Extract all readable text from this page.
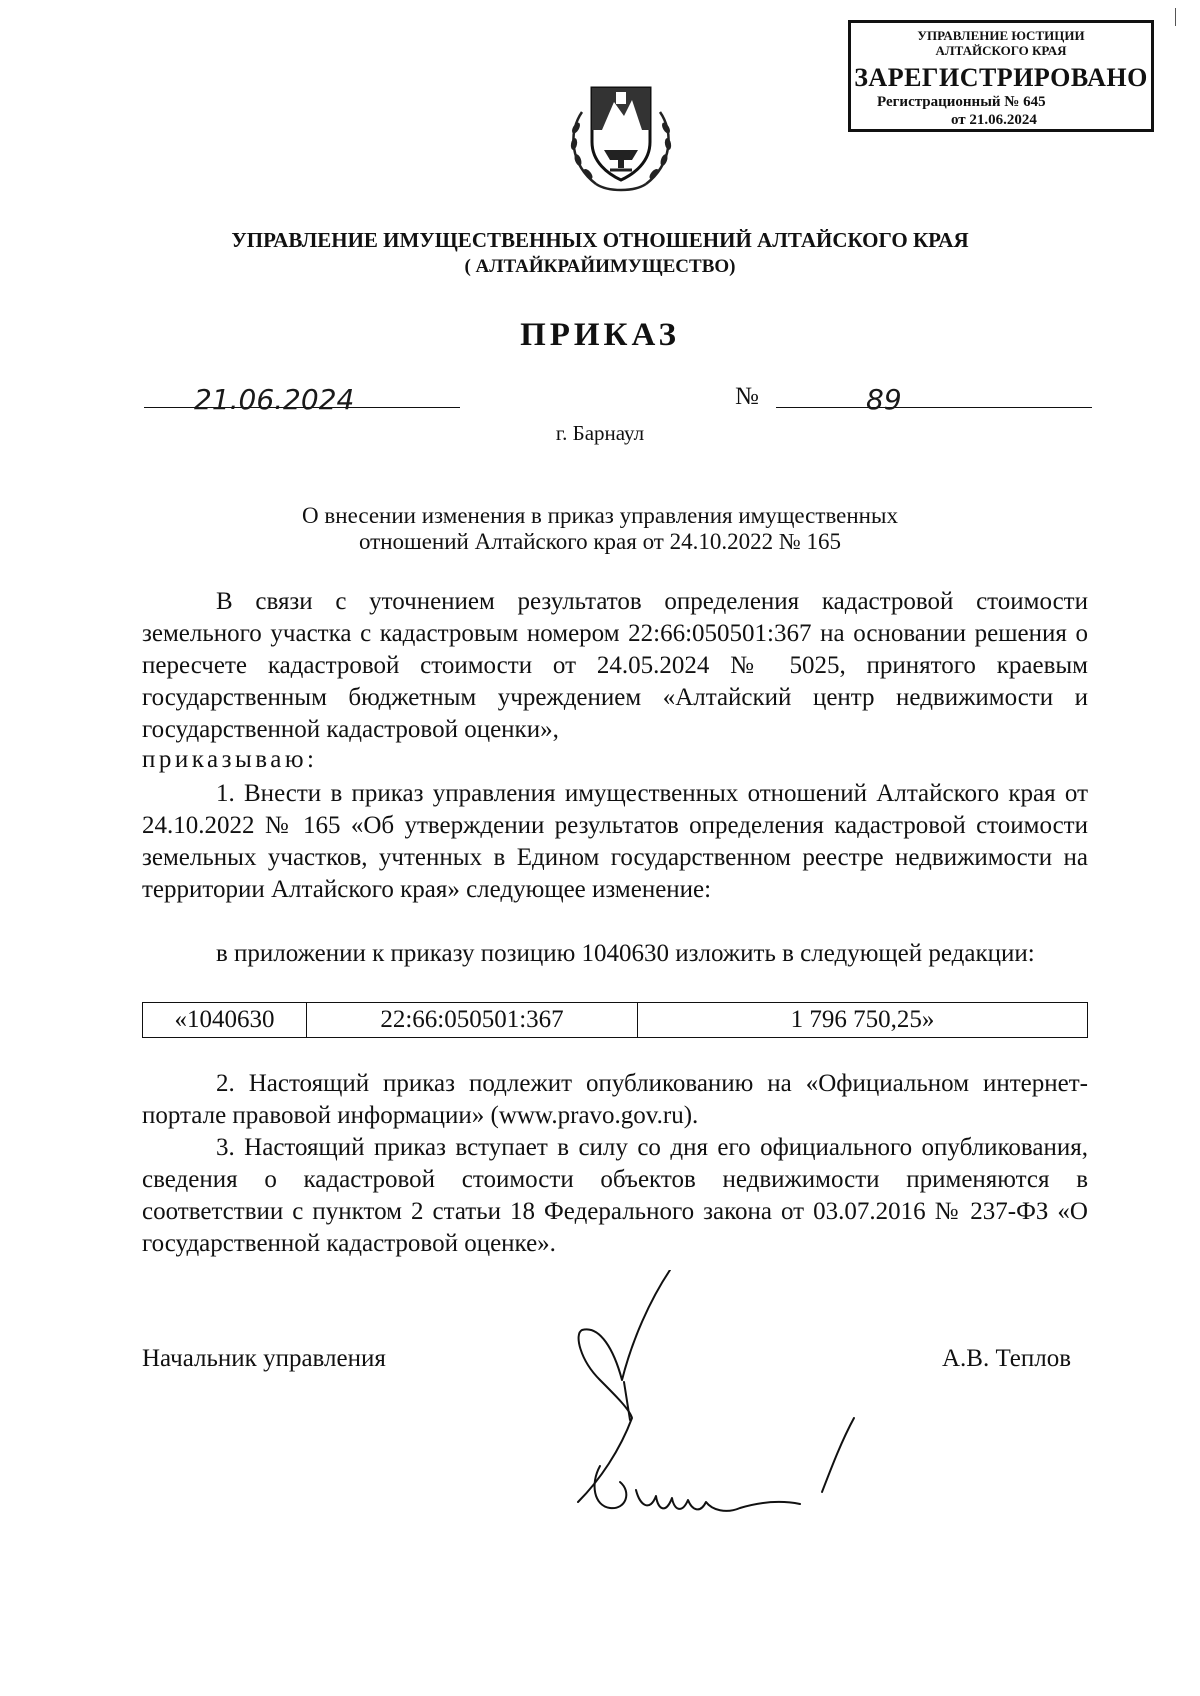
УПРАВЛЕНИЕ ЮСТИЦИИ
АЛТАЙСКОГО КРАЯ
ЗАРЕГИСТРИРОВАНО
Регистрационный № 645
от 21.06.2024
УПРАВЛЕНИЕ ИМУЩЕСТВЕННЫХ ОТНОШЕНИЙ АЛТАЙСКОГО КРАЯ
( АЛТАЙКРАЙИМУЩЕСТВО)
ПРИКАЗ
21.06.2024	№	89
г. Барнаул
О внесении изменения в приказ управления имущественных
отношений Алтайского края от 24.10.2022 № 165
В связи с уточнением результатов определения кадастровой стоимости земельного участка с кадастровым номером 22:66:050501:367 на основании решения о пересчете кадастровой стоимости от 24.05.2024 № 5025, принятого краевым государственным бюджетным учреждением «Алтайский центр недвижимости и государственной кадастровой оценки»,
приказываю:
1. Внести в приказ управления имущественных отношений Алтайского края от 24.10.2022 № 165 «Об утверждении результатов определения кадастровой стоимости земельных участков, учтенных в Едином государственном реестре недвижимости на территории Алтайского края» следующее изменение:
в приложении к приказу позицию 1040630 изложить в следующей редакции:
«1040630	22:66:050501:367	1 796 750,25»
2. Настоящий приказ подлежит опубликованию на «Официальном интернет-портале правовой информации» (www.pravo.gov.ru).
3. Настоящий приказ вступает в силу со дня его официального опубликования, сведения о кадастровой стоимости объектов недвижимости применяются в соответствии с пунктом 2 статьи 18 Федерального закона от 03.07.2016 № 237-ФЗ «О государственной кадастровой оценке».
Начальник управления	А.В. Теплов
